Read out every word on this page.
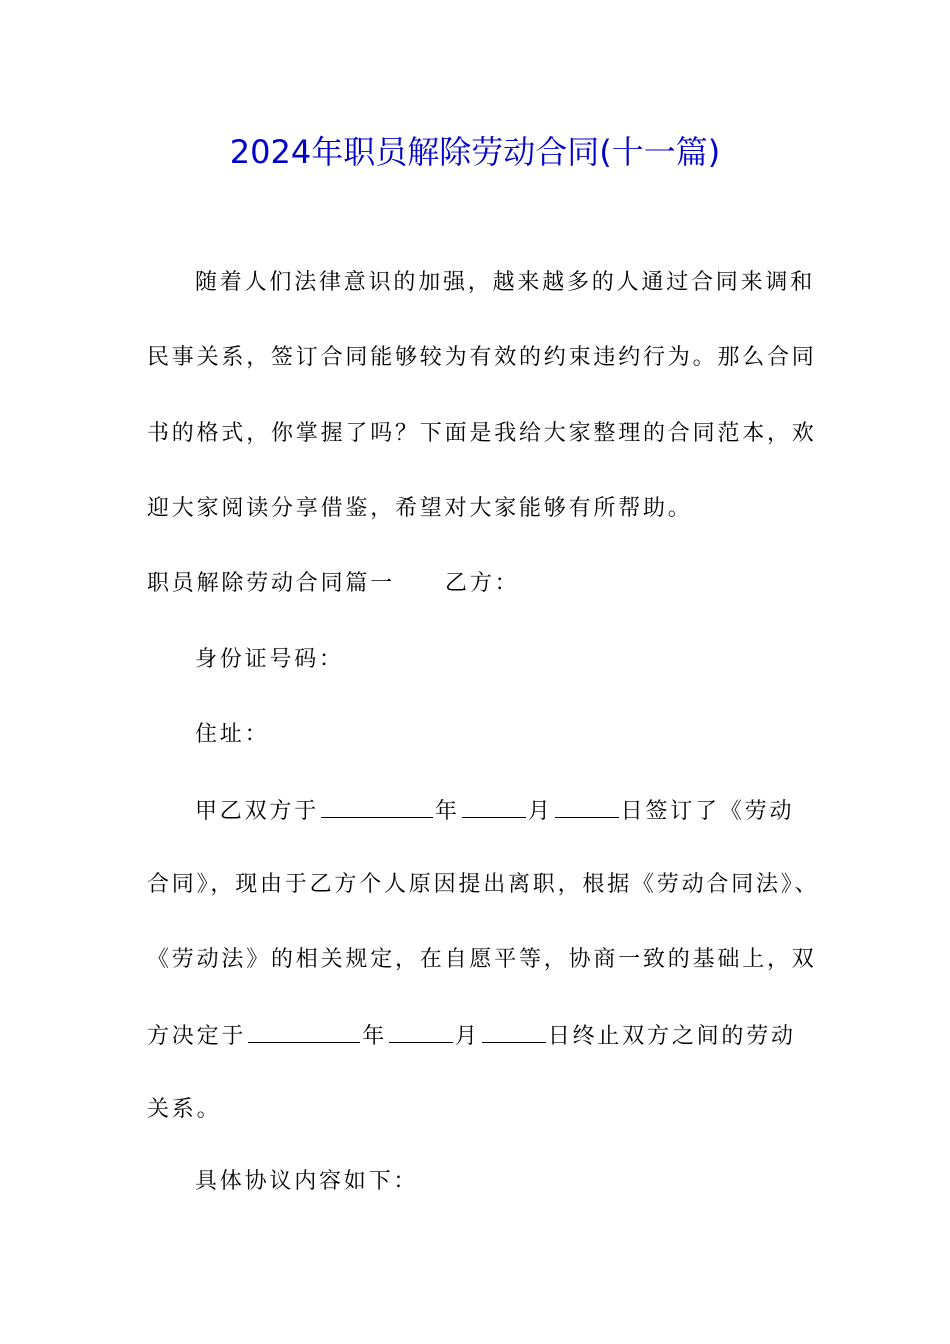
2024年职员解除劳动合同(十一篇)
随着人们法律意识的加强，越来越多的人通过合同来调和
民事关系，签订合同能够较为有效的约束违约行为。那么合同
书的格式，你掌握了吗？下面是我给大家整理的合同范本，欢
迎大家阅读分享借鉴，希望对大家能够有所帮助。
职员解除劳动合同篇一 乙方：
身份证号码：
住址：
甲乙双方于	年	月	日签订了《劳动
合同》，现由于乙方个人原因提出离职，根据《劳动合同法》、
《劳动法》的相关规定，在自愿平等，协商一致的基础上，双
方决定于	年	月	日终止双方之间的劳动
关系。
具体协议内容如下：
